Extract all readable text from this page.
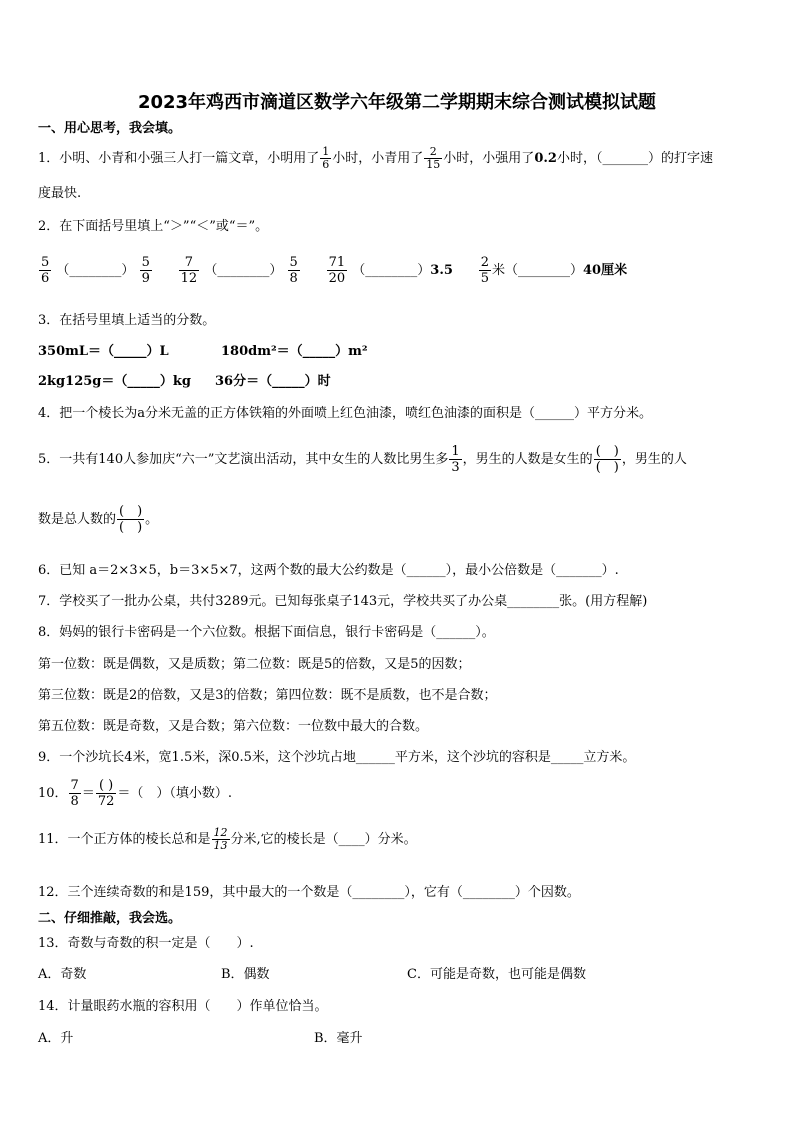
2023年鸡西市滴道区数学六年级第二学期期末综合测试模拟试题
一、用心思考，我会填。
1．小明、小青和小强三人打一篇文章，小明用了 $\frac{1}{6}$ 小时，小青用了 $\frac{2}{15}$ 小时，小强用了0.2小时，（_______）的打字速
度最快.
2．在下面括号里填上“＞”“＜”或“＝”。
$\frac{5}{6}$ （________） $\frac{5}{9}$
$\frac{7}{12}$ （________） $\frac{5}{8}$
$\frac{71}{20}$ （________）3.5 $\frac{2}{5}$ 米（________）40厘米
3．在括号里填上适当的分数。
350mL＝（_____）L	180dm²＝（_____）m²
2kg125g＝（_____）kg 36分＝（_____）时
4．把一个棱长为a分米无盖的正方体铁箱的外面喷上红色油漆，喷红色油漆的面积是（______）平方分米。
5．一共有140人参加庆“六一”文艺演出活动，其中女生的人数比男生多 $\frac{1}{3}$ ，男生的人数是女生的 $\frac{( )}{( )}$ ，男生的人
数是总人数的 $\frac{( )}{( )}$ 。
6．已知 a＝2×3×5，b＝3×5×7，这两个数的最大公约数是（______），最小公倍数是（_______）.
7．学校买了一批办公桌，共付3289元。已知每张桌子143元，学校共买了办公桌________张。(用方程解)
8．妈妈的银行卡密码是一个六位数。根据下面信息，银行卡密码是（______）。
第一位数：既是偶数，又是质数；第二位数：既是5的倍数，又是5的因数；
第三位数：既是2的倍数，又是3的倍数；第四位数：既不是质数，也不是合数；
第五位数：既是奇数，又是合数；第六位数：一位数中最大的合数。
9．一个沙坑长4米，宽1.5米，深0.5米，这个沙坑占地______平方米，这个沙坑的容积是_____立方米。
10． $\frac{7}{8} = \frac{( )}{72}$ ＝（　）（填小数）.
11．一个正方体的棱长总和是 $\frac{12}{13}$ 分米,它的棱长是（____）分米。
12．三个连续奇数的和是159，其中最大的一个数是（________），它有（________）个因数。
二、仔细推敲，我会选。
13．奇数与奇数的积一定是（　　）.
A．奇数	B．偶数	C．可能是奇数，也可能是偶数
14．计量眼药水瓶的容积用（　　）作单位恰当。
A．升	B．毫升
